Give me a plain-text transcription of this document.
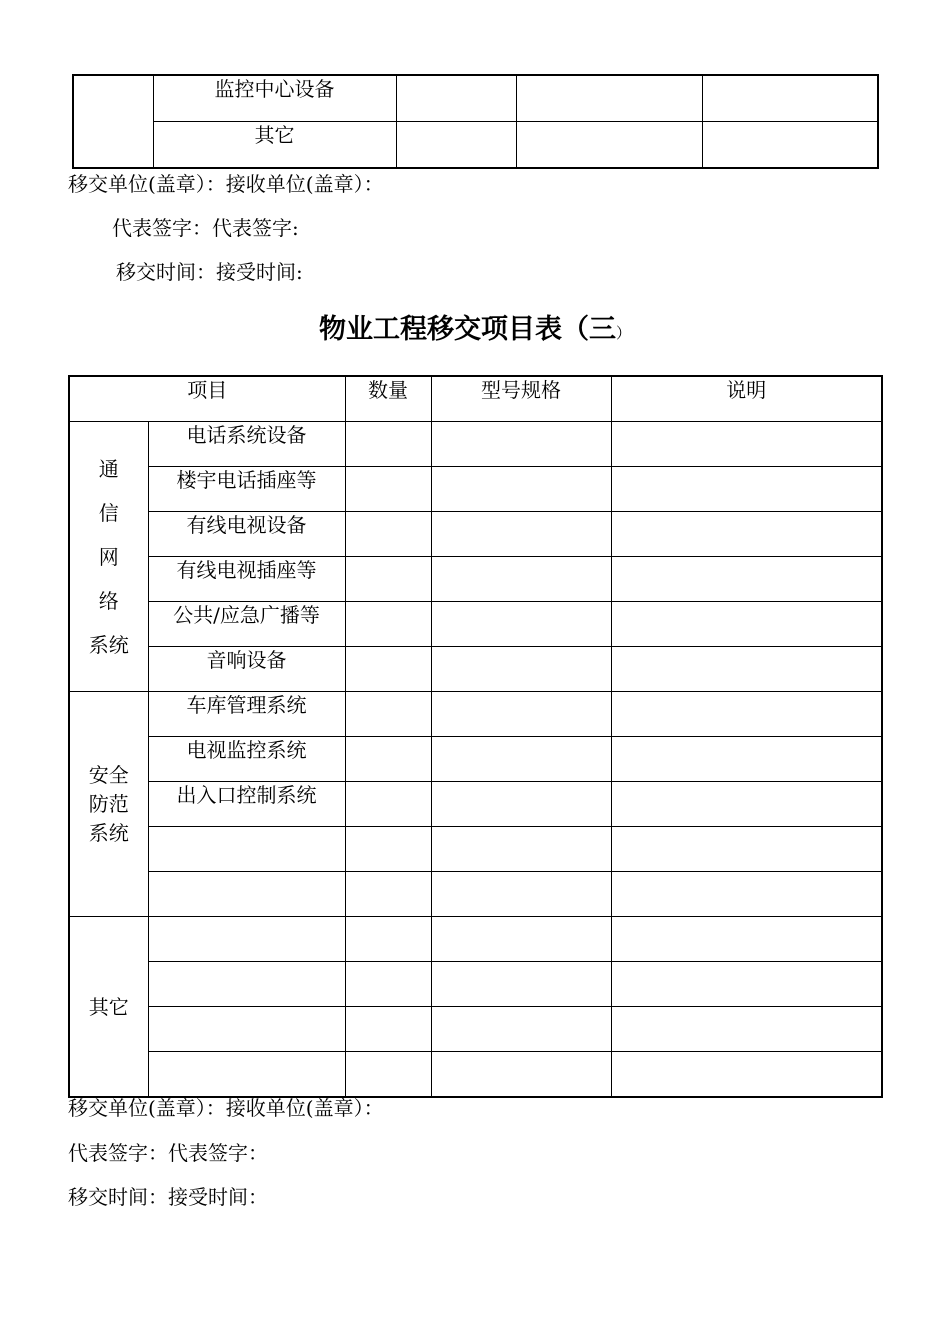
	监控中心设备			
	其它			
移交单位(盖章）：接收单位(盖章）：
代表签字：代表签字:
移交时间：接受时间:
物业工程移交项目表（三）
项目		数量	型号规格	说明

通
信
网
络
系统	电话系统设备			
	楼宇电话插座等			
	有线电视设备			
	有线电视插座等			
	公共/应急广播等			
	音响设备			

安全
防范
系统	车库管理系统			
	电视监控系统			
	出入口控制系统			

其它				

移交单位(盖章）：接收单位(盖章）：
代表签字：代表签字：
移交时间：接受时间：
